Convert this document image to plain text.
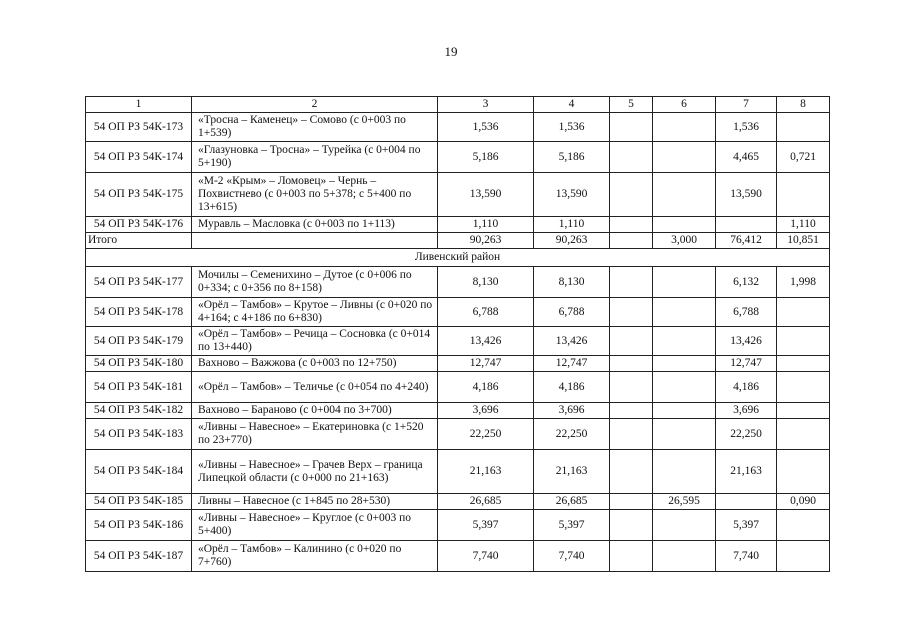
19
1	2	3	4	5	6	7	8
54 ОП РЗ 54К-173	«Тросна – Каменец» – Сомово (с 0+003 по 1+539)	1,536	1,536			1,536	
54 ОП РЗ 54К-174	«Глазуновка – Тросна» – Турейка (с 0+004 по 5+190)	5,186	5,186			4,465	0,721
54 ОП РЗ 54К-175	«М-2 «Крым» – Ломовец» – Чернь – Похвистнево (с 0+003 по 5+378; с 5+400 по 13+615)	13,590	13,590			13,590	
54 ОП РЗ 54К-176	Муравль – Масловка (с 0+003 по 1+113)	1,110	1,110				1,110
Итого		90,263	90,263		3,000	76,412	10,851
Ливенский район							
54 ОП РЗ 54К-177	Мочилы – Семенихино – Дутое (с 0+006 по 0+334; с 0+356 по 8+158)	8,130	8,130			6,132	1,998
54 ОП РЗ 54К-178	«Орёл – Тамбов» – Крутое – Ливны (с 0+020 по 4+164; с 4+186 по 6+830)	6,788	6,788			6,788	
54 ОП РЗ 54К-179	«Орёл – Тамбов» – Речица – Сосновка (с 0+014 по 13+440)	13,426	13,426			13,426	
54 ОП РЗ 54К-180	Вахново – Важжова (с 0+003 по 12+750)	12,747	12,747			12,747	
54 ОП РЗ 54К-181	«Орёл – Тамбов» – Теличье (с 0+054 по 4+240)	4,186	4,186			4,186	
54 ОП РЗ 54К-182	Вахново – Бараново (с 0+004 по 3+700)	3,696	3,696			3,696	
54 ОП РЗ 54К-183	«Ливны – Навесное» – Екатериновка (с 1+520 по 23+770)	22,250	22,250			22,250	
54 ОП РЗ 54К-184	«Ливны – Навесное» – Грачев Верх – граница Липецкой области (с 0+000 по 21+163)	21,163	21,163			21,163	
54 ОП РЗ 54К-185	Ливны – Навесное (с 1+845 по 28+530)	26,685	26,685		26,595		0,090
54 ОП РЗ 54К-186	«Ливны – Навесное» – Круглое (с 0+003 по 5+400)	5,397	5,397			5,397	
54 ОП РЗ 54К-187	«Орёл – Тамбов» – Калинино (с 0+020 по 7+760)	7,740	7,740			7,740	
